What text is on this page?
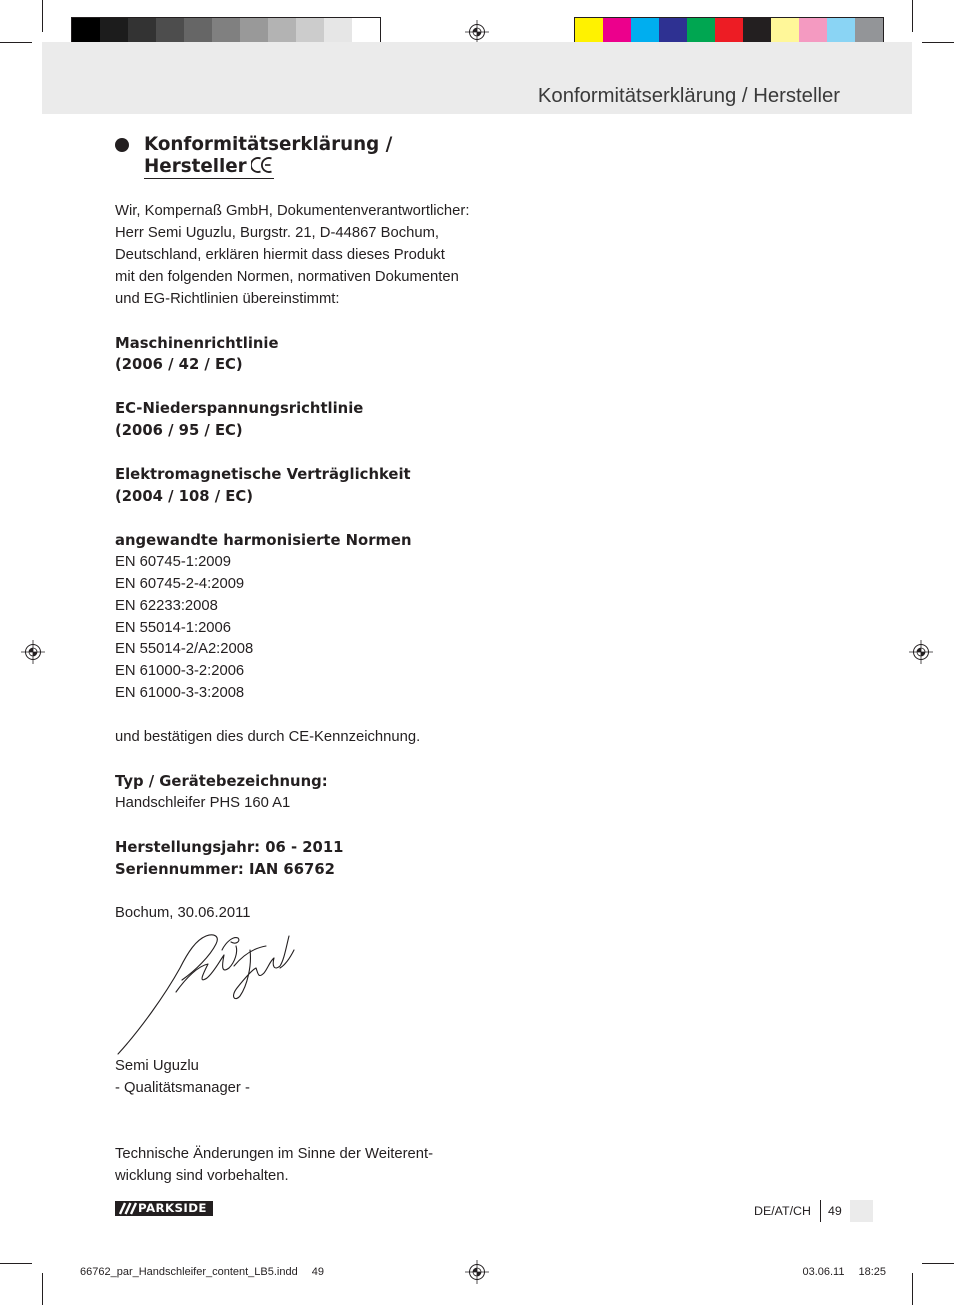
Konformitätserklärung / Hersteller
Konformitätserklärung /
Hersteller
Wir, Kompernaß GmbH, Dokumentenverantwortlicher:
Herr Semi Uguzlu, Burgstr. 21, D-44867 Bochum,
Deutschland, erklären hiermit dass dieses Produkt
mit den folgenden Normen, normativen Dokumenten
und EG-Richtlinien übereinstimmt:
Maschinenrichtlinie
(2006 / 42 / EC)
EC-Niederspannungsrichtlinie
(2006 / 95 / EC)
Elektromagnetische Verträglichkeit
(2004 / 108 / EC)
angewandte harmonisierte Normen
EN 60745-1:2009
EN 60745-2-4:2009
EN 62233:2008
EN 55014-1:2006
EN 55014-2/A2:2008
EN 61000-3-2:2006
EN 61000-3-3:2008
und bestätigen dies durch CE-Kennzeichnung.
Typ / Gerätebezeichnung:
Handschleifer PHS 160 A1
Herstellungsjahr: 06 - 2011
Seriennummer: IAN 66762
Bochum, 30.06.2011
Semi Uguzlu
- Qualitätsmanager -
Technische Änderungen im Sinne der Weiterent-
wicklung sind vorbehalten.
PARKSIDE	DE/AT/CH 49
66762_par_Handschleifer_content_LB5.indd 49	03.06.11 18:25
